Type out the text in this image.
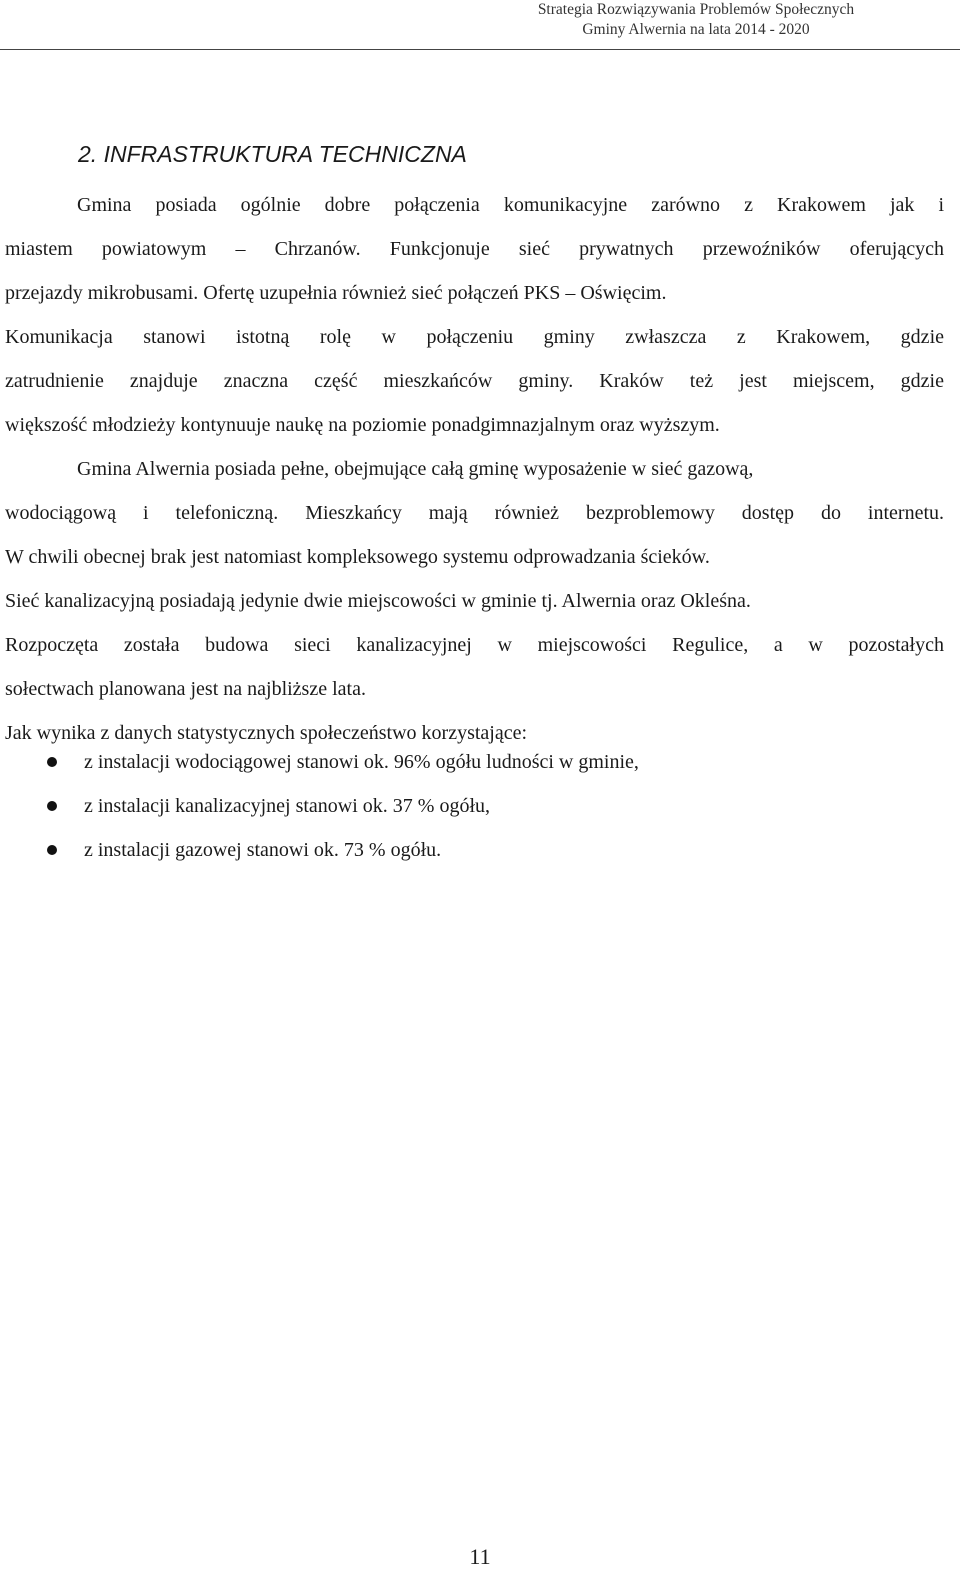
Strategia Rozwiązywania Problemów Społecznych
Gminy Alwernia na lata 2014 - 2020
2. INFRASTRUKTURA TECHNICZNA
Gmina posiada ogólnie dobre połączenia komunikacyjne zarówno z Krakowem jak i
miastem powiatowym – Chrzanów. Funkcjonuje sieć prywatnych przewoźników oferujących
przejazdy mikrobusami. Ofertę uzupełnia również sieć połączeń PKS – Oświęcim.
Komunikacja stanowi istotną rolę w połączeniu gminy zwłaszcza z Krakowem, gdzie
zatrudnienie znajduje znaczna część mieszkańców gminy. Kraków też jest miejscem, gdzie
większość młodzieży kontynuuje naukę na poziomie ponadgimnazjalnym oraz wyższym.
Gmina Alwernia posiada pełne, obejmujące całą gminę wyposażenie w sieć gazową,
wodociągową i telefoniczną. Mieszkańcy mają również bezproblemowy dostęp do internetu.
W chwili obecnej brak jest natomiast kompleksowego systemu odprowadzania ścieków.
Sieć kanalizacyjną posiadają jedynie dwie miejscowości w gminie tj. Alwernia oraz Okleśna.
Rozpoczęta została budowa sieci kanalizacyjnej w miejscowości Regulice, a w pozostałych
sołectwach planowana jest na najbliższe lata.
Jak wynika z danych statystycznych społeczeństwo korzystające:
z instalacji wodociągowej stanowi ok. 96% ogółu ludności w gminie,
z instalacji kanalizacyjnej stanowi ok. 37 % ogółu,
z instalacji gazowej stanowi ok. 73 % ogółu.
11
